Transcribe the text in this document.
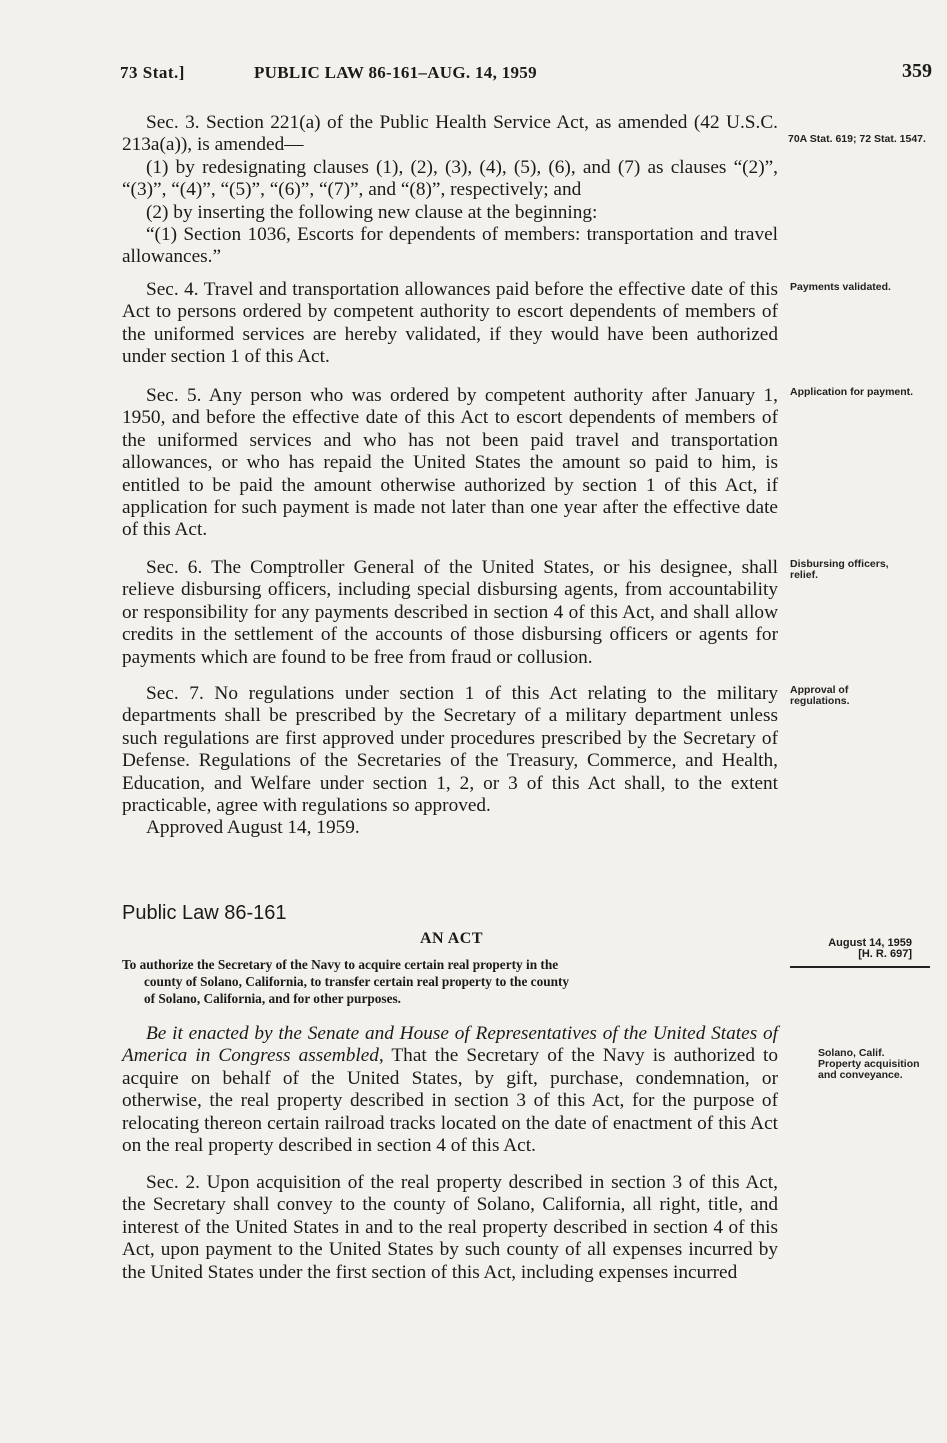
73 Stat.]	PUBLIC LAW 86-161–AUG. 14, 1959	359

Sec. 3. Section 221(a) of the Public Health Service Act, as amended (42 U.S.C. 213a(a)), is amended—

(1) by redesignating clauses (1), (2), (3), (4), (5), (6), and (7) as clauses “(2)”, “(3)”, “(4)”, “(5)”, “(6)”, “(7)”, and “(8)”, respectively; and

(2) by inserting the following new clause at the beginning:

“(1) Section 1036, Escorts for dependents of members: transportation and travel allowances.”

70A Stat. 619; 72 Stat. 1547.

Sec. 4. Travel and transportation allowances paid before the effective date of this Act to persons ordered by competent authority to escort dependents of members of the uniformed services are hereby validated, if they would have been authorized under section 1 of this Act.

Payments validated.

Sec. 5. Any person who was ordered by competent authority after January 1, 1950, and before the effective date of this Act to escort dependents of members of the uniformed services and who has not been paid travel and transportation allowances, or who has repaid the United States the amount so paid to him, is entitled to be paid the amount otherwise authorized by section 1 of this Act, if application for such payment is made not later than one year after the effective date of this Act.

Application for payment.

Sec. 6. The Comptroller General of the United States, or his designee, shall relieve disbursing officers, including special disbursing agents, from accountability or responsibility for any payments described in section 4 of this Act, and shall allow credits in the settlement of the accounts of those disbursing officers or agents for payments which are found to be free from fraud or collusion.

Disbursing officers, relief.

Sec. 7. No regulations under section 1 of this Act relating to the military departments shall be prescribed by the Secretary of a military department unless such regulations are first approved under procedures prescribed by the Secretary of Defense. Regulations of the Secretaries of the Treasury, Commerce, and Health, Education, and Welfare under section 1, 2, or 3 of this Act shall, to the extent practicable, agree with regulations so approved.

Approved August 14, 1959.

Approval of regulations.
Public Law 86-161
AN ACT	August 14, 1959
[H. R. 697]
To authorize the Secretary of the Navy to acquire certain real property in the
county of Solano, California, to transfer certain real property to the county
of Solano, California, and for other purposes.

Be it enacted by the Senate and House of Representatives of the United States of America in Congress assembled, That the Secretary of the Navy is authorized to acquire on behalf of the United States, by gift, purchase, condemnation, or otherwise, the real property described in section 3 of this Act, for the purpose of relocating thereon certain railroad tracks located on the date of enactment of this Act on the real property described in section 4 of this Act.

Solano, Calif.
Property acquisition and conveyance.

Sec. 2. Upon acquisition of the real property described in section 3 of this Act, the Secretary shall convey to the county of Solano, California, all right, title, and interest of the United States in and to the real property described in section 4 of this Act, upon payment to the United States by such county of all expenses incurred by the United States under the first section of this Act, including expenses incurred
